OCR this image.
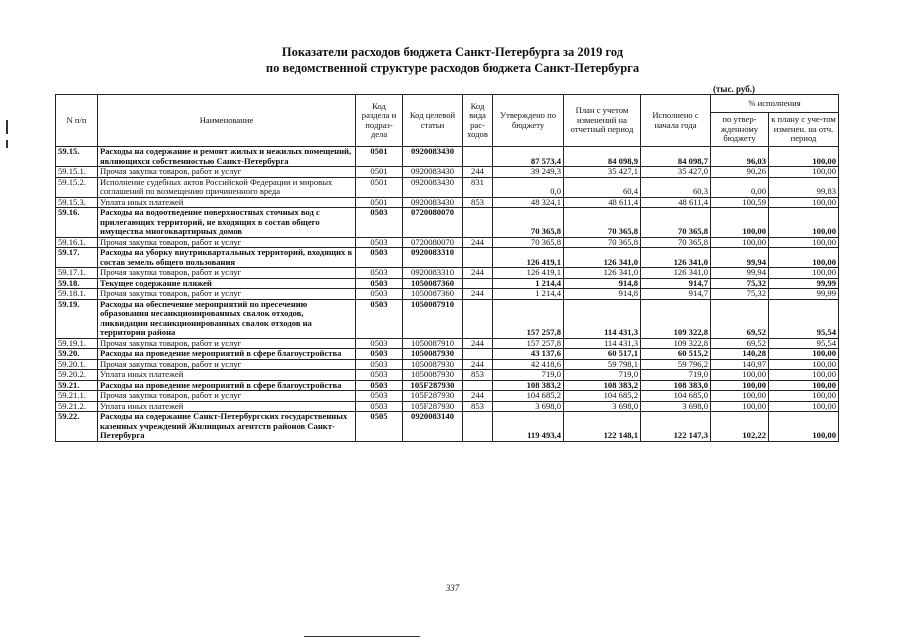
Показатели расходов бюджета Санкт-Петербурга за 2019 год
по ведомственной структуре расходов бюджета Санкт-Петербурга
(тыс. руб.)
N п/п	Наименование	Код раздела и подраз-дела	Код целевой статьи	Код вида рас-ходов	Утверждено по бюджету	План с учетом изменений на отчетный период	Исполнено с начала года	% исполнения	
								по утвер-жденному бюджету	к плану с уче-том изменен. на отч. период
59.15.	Расходы на содержание и ремонт жилых и нежилых помещений, являющихся собственностью Санкт-Петербурга	0501	0920083430		87 573,4	84 098,9	84 098,7	96,03	100,00
59.15.1.	Прочая закупка товаров, работ и услуг	0501	0920083430	244	39 249,3	35 427,1	35 427,0	90,26	100,00
59.15.2.	Исполнение судебных актов Российской Федерации и мировых соглашений по возмещению причиненного вреда	0501	0920083430	831	0,0	60,4	60,3	0,00	99,83
59.15.3.	Уплата иных платежей	0501	0920083430	853	48 324,1	48 611,4	48 611,4	100,59	100,00
59.16.	Расходы на водоотведение поверхностных сточных вод с прилегающих территорий, не входящих в состав общего имущества многоквартирных домов	0503	0720080070		70 365,8	70 365,8	70 365,8	100,00	100,00
59.16.1.	Прочая закупка товаров, работ и услуг	0503	0720080070	244	70 365,8	70 365,8	70 365,8	100,00	100,00
59.17.	Расходы на уборку внутриквартальных территорий, входящих в состав земель общего пользования	0503	0920083310		126 419,1	126 341,0	126 341,0	99,94	100,00
59.17.1.	Прочая закупка товаров, работ и услуг	0503	0920083310	244	126 419,1	126 341,0	126 341,0	99,94	100,00
59.18.	Текущее содержание пляжей	0503	1050087360		1 214,4	914,8	914,7	75,32	99,99
59.18.1.	Прочая закупка товаров, работ и услуг	0503	1050087360	244	1 214,4	914,8	914,7	75,32	99,99
59.19.	Расходы на обеспечение мероприятий по пресечению образования несанкционированных свалок отходов, ликвидации несанкционированных свалок отходов на территории района	0503	1050087910		157 257,8	114 431,3	109 322,8	69,52	95,54
59.19.1.	Прочая закупка товаров, работ и услуг	0503	1050087910	244	157 257,8	114 431,3	109 322,8	69,52	95,54
59.20.	Расходы на проведение мероприятий в сфере благоустройства	0503	1050087930		43 137,6	60 517,1	60 515,2	140,28	100,00
59.20.1.	Прочая закупка товаров, работ и услуг	0503	1050087930	244	42 418,6	59 798,1	59 796,2	140,97	100,00
59.20.2.	Уплата иных платежей	0503	1050087930	853	719,0	719,0	719,0	100,00	100,00
59.21.	Расходы на проведение мероприятий в сфере благоустройства	0503	105F287930		108 383,2	108 383,2	108 383,0	100,00	100,00
59.21.1.	Прочая закупка товаров, работ и услуг	0503	105F287930	244	104 685,2	104 685,2	104 685,0	100,00	100,00
59.21.2.	Уплата иных платежей	0503	105F287930	853	3 698,0	3 698,0	3 698,0	100,00	100,00
59.22.	Расходы на содержание Санкт-Петербургских государственных казенных учреждений Жилищных агентств районов Санкт-Петербурга	0505	0920083140		119 493,4	122 148,1	122 147,3	102,22	100,00
337
